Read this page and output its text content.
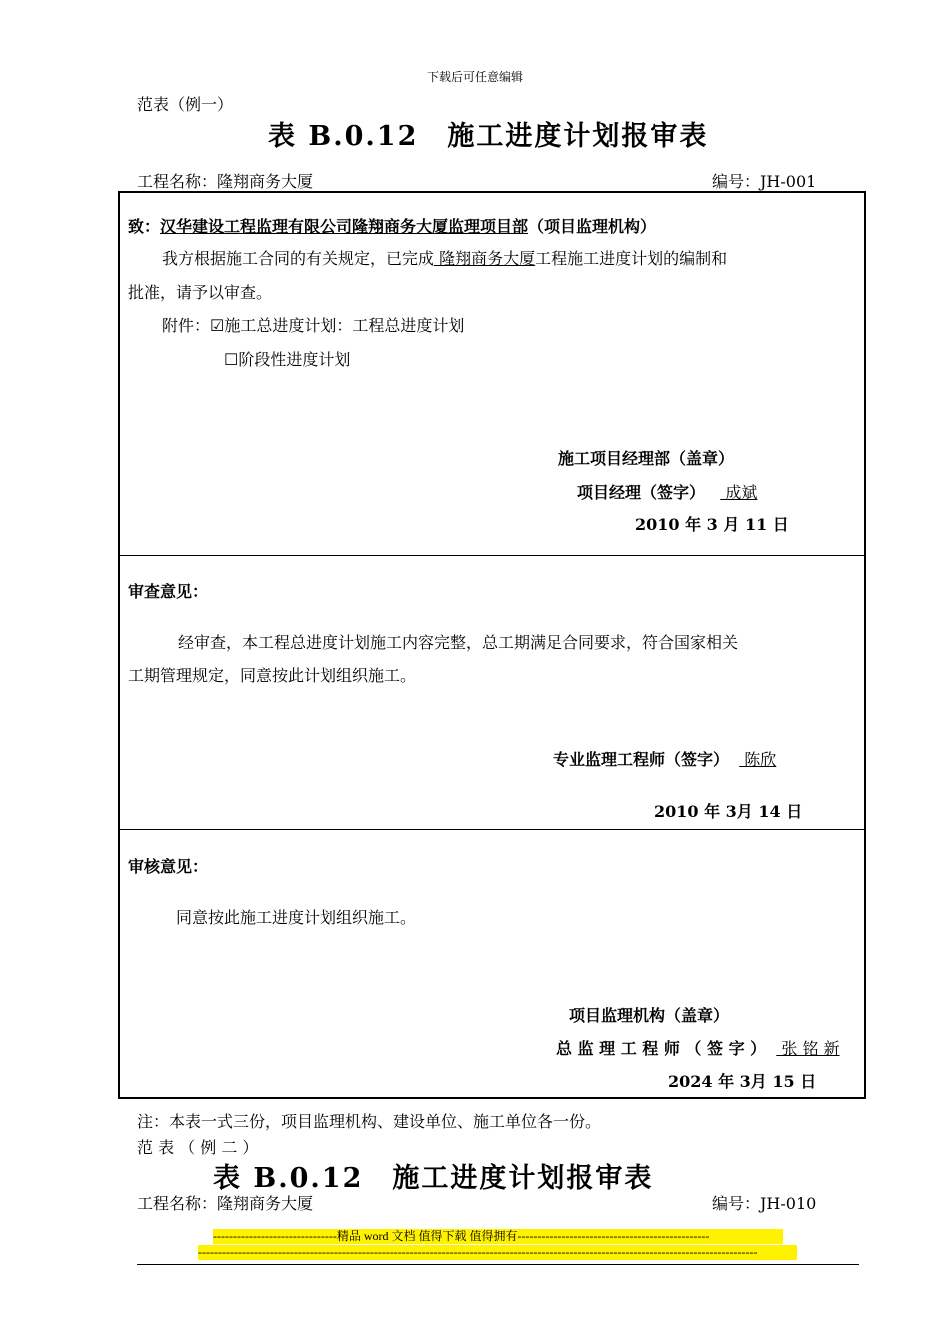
下载后可任意编辑
范表（例一）
表 B.0.12　施工进度计划报审表
工程名称：隆翔商务大厦	编号：JH-001
致：汉华建设工程监理有限公司隆翔商务大厦监理项目部（项目监理机构）
我方根据施工合同的有关规定，已完成 隆翔商务大厦工程施工进度计划的编制和
批准，请予以审查。
附件：☑施工总进度计划：工程总进度计划
☐阶段性进度计划
施工项目经理部（盖章）
项目经理（签字）    成斌
2010 年 3 月 11 日
审查意见：
经审查，本工程总进度计划施工内容完整，总工期满足合同要求，符合国家相关
工期管理规定，同意按此计划组织施工。
专业监理工程师（签字）   陈欣
2010 年 3月 14 日
审核意见：
同意按此施工进度计划组织施工。
项目监理机构（盖章）
总 监 理 工 程 师 （ 签 字 ）   张 铭 新
2024 年 3月 15 日
注：本表一式三份，项目监理机构、建设单位、施工单位各一份。
范 表 （ 例 二 ）
表 B.0.12　施工进度计划报审表
工程名称：隆翔商务大厦	编号：JH-010
-------------------------------精品 word 文档 值得下载 值得拥有------------------------------------------------
--------------------------------------------------------------------------------------------------------------------------------------------
